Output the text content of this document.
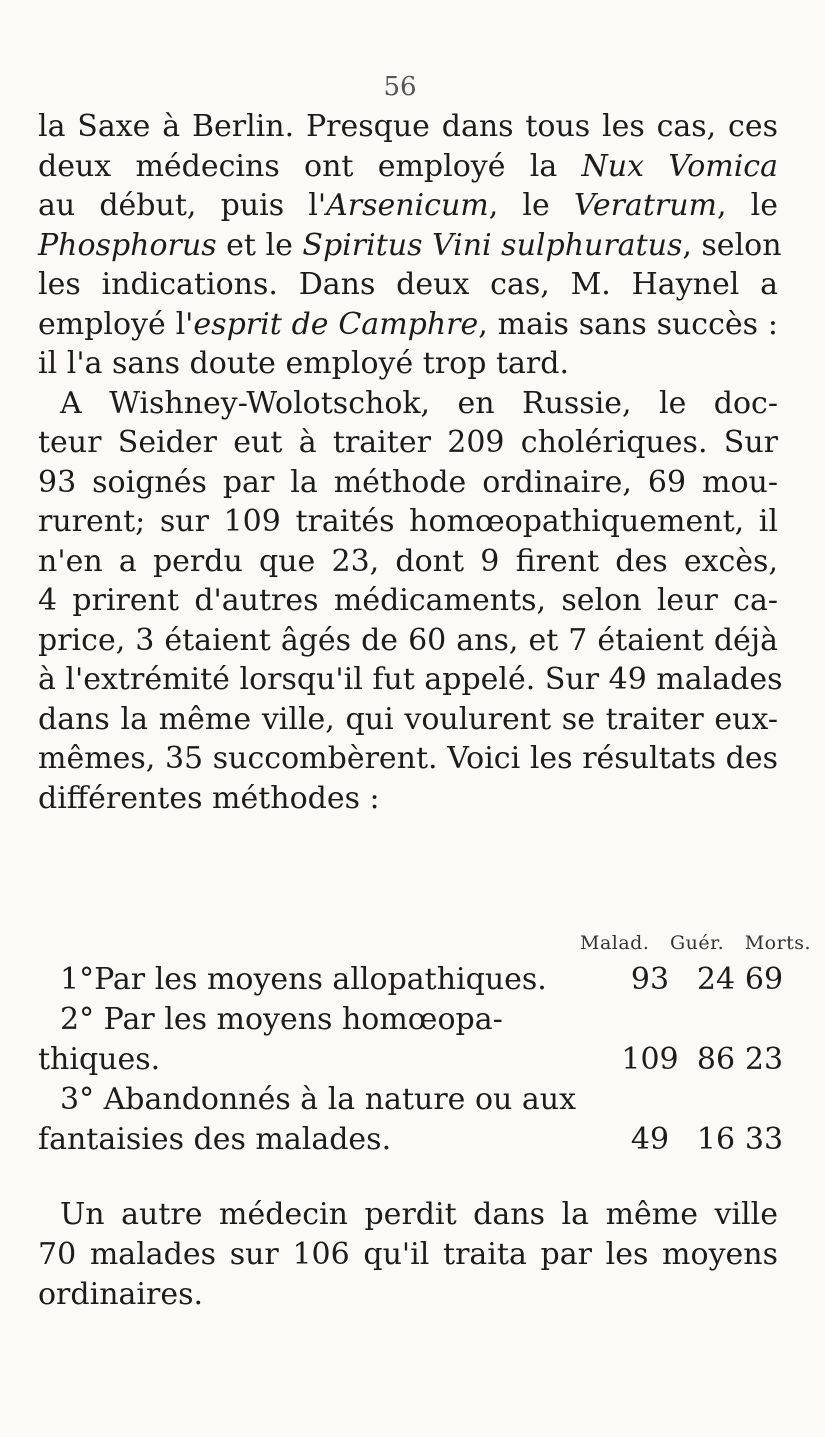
56
la Saxe à Berlin. Presque dans tous les cas, ces
deux médecins ont employé la Nux Vomica
au début, puis l'Arsenicum, le Veratrum, le
Phosphorus et le Spiritus Vini sulphuratus, selon
les indications. Dans deux cas, M. Haynel a
employé l'esprit de Camphre, mais sans succès :
il l'a sans doute employé trop tard.
A Wishney-Wolotschok, en Russie, le doc-
teur Seider eut à traiter 209 cholériques. Sur
93 soignés par la méthode ordinaire, 69 mou-
rurent; sur 109 traités homœopathiquement, il
n'en a perdu que 23, dont 9 firent des excès,
4 prirent d'autres médicaments, selon leur ca-
price, 3 étaient âgés de 60 ans, et 7 étaient déjà
à l'extrémité lorsqu'il fut appelé. Sur 49 malades
dans la même ville, qui voulurent se traiter eux-
mêmes, 35 succombèrent. Voici les résultats des
différentes méthodes :
Malad. Guér. Morts.
1°Par les moyens allopathiques.	93 24 69
2° Par les moyens homœopa-
thiques.	109 86 23
3° Abandonnés à la nature ou aux
fantaisies des malades.	49 16 33
Un autre médecin perdit dans la même ville
70 malades sur 106 qu'il traita par les moyens
ordinaires.
